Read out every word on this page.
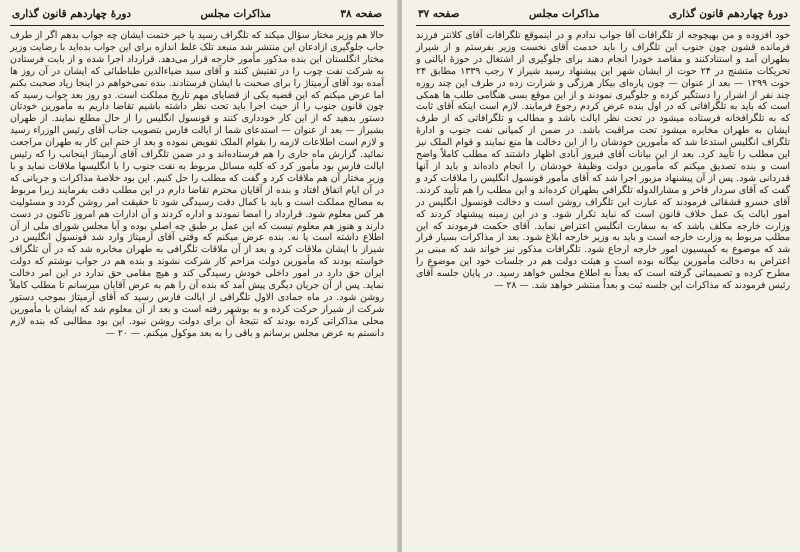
صفحه ۳۸
مذاکرات مجلس
دورهٔ چهاردهم قانون گذاری

حالا هم وزیر مختار سؤال میکند که تلگراف رسید یا خیر ختمت ایشان چه جواب بدهم اگر از طرف جاب جلوگیری ازادعان این منتشر شد منبعد تلک غلط اندازه برای این جواب بده‌اید با رضایت وزیر مختار انگلستان این بنده مذکور مأمور خارجه قرار می‌دهد. قرارداد اجرا شده و از بابت فرستادن به شرکت نفت چوب را در تفتیش کنند و آقای سید ضیاءالدین طباطبائی که ایشان در آن روز ها آمده بود آقای آرمیتاژ را برای صحبت با ایشان فرستادند. بنده نمی‌خواهم در اینجا زیاد صحبت بکنم اما عرض میکنم که این قضیه یکی از قضایای مهم تاریخ مملکت است. دو روز بعد جواب رسید که چون قانون جنوب را از حیث اجرا باید تحت نظر داشته باشیم تقاضا داریم به مأمورین خودتان دستور بدهید که از این کار خودداری کنند و قونسول انگلیس را از حال مطلع نمایند. از طهران بشیراز — بعد از عنوان — استدعای شما از ایالت فارس بتصویب جناب آقای رئیس الوزراء رسید و لازم است اطلاعات لازمه را بقوام الملک تفویض نموده و بعد از ختم این کار به طهران مراجعت نمائید. گزارش ماه جاری را هم فرستاده‌اند و در ضمن تلگراف آقای آرمیتاژ اینجانب را که رئیس ایالت فارس بود مأمور کرد که کلیه مسائل مربوط به نفت جنوب را با انگلیسها ملاقات نماید و با وزیر مختار آن هم ملاقات کرد و گفت که مطلب را حل کنیم. این بود خلاصهٔ مذاکرات و جریانی که در آن ایام اتفاق افتاد و بنده از آقایان محترم تقاضا دارم در این مطلب دقت بفرمایند زیرا مربوط به مصالح مملکت است و باید با کمال دقت رسیدگی شود تا حقیقت امر روشن گردد و مسئولیت هر کس معلوم شود. قرارداد را امضا نمودند و اداره کردند و آن ادارات هم امروز تاکنون در دست دارند و هنوز هم معلوم نیست که این عمل بر طبق چه اصلی بوده و آیا مجلس شورای ملی از آن اطلاع داشته است یا نه. بنده عرض میکنم که وقتی آقای آرمیتاژ وارد شد قونسول انگلیس در شیراز با ایشان ملاقات کرد و بعد از آن ملاقات تلگرافی به طهران مخابره شد که در آن تلگراف خواسته بودند که مأمورین دولت مزاحم کار شرکت نشوند و بنده هم در جواب نوشتم که دولت ایران حق دارد در امور داخلی خودش رسیدگی کند و هیچ مقامی حق ندارد در این امر دخالت نماید. پس از آن جریان دیگری پیش آمد که بنده آن را هم به عرض آقایان میرسانم تا مطلب کاملاً روشن شود. در ماه جمادی الاول تلگرافی از ایالت فارس رسید که آقای آرمیتاژ بموجب دستور شرکت از شیراز حرکت کرده و به بوشهر رفته است و بعد از آن معلوم شد که ایشان با مأمورین محلی مذاکراتی کرده بودند که نتیجهٔ آن برای دولت روشن نبود. این بود مطالبی که بنده لازم دانستم به عرض مجلس برسانم و باقی را به بعد موکول میکنم. — ۲۰ —

دورهٔ چهاردهم قانون گذاری
مذاکرات مجلس
صفحه ۳۷

خود افزوده و من بهیچوجه از تلگرافات آقا جواب ندادم و در اینموقع تلگرافات آقای کلانتر فرزند فرمانده قشون چون جنوب این تلگراف را باید خدمت آقای نخست وزیر بفرستم و از شیراز بطهران آمد و استنادکنند و مقاصد خودرا انجام دهند برای جلوگیری از اشتغال در حوزهٔ ایالتی و تحریکات متشنج در ۲۴ حوت از ایشان شهر این پیشنهاد رسید شیراز ۷ رجب ۱۳۳۹ مطابق ۲۴ حوت ۱۲۹۹ — بعد از عنوان — چون پاره‌ای بیکار هرزگی و شرارت زده در طرف این چند روزه چند نفر از اشرار را دستگیر کرده و جلوگیری نمودند و از این موقع بسی هنگامی طلب ها همکی است که باید به تلگرافاتی که در اول بنده عرض کردم رجوع فرمایند. لازم است اینکه آقای ثابت که به تلگرافخانه فرستاده میشود در تحت نظر ایالت باشد و مطالب و تلگرافاتی که از طرف ایشان به طهران مخابره میشود تحت مراقبت باشد. در ضمن از کمپانی نفت جنوب و ادارهٔ تلگراف انگلیس استدعا شد که مأمورین خودشان را از این دخالت ها منع نمایند و قوام الملک نیز این مطلب را تأیید کرد. بعد از این بیانات آقای فیروز آبادی اظهار داشتند که مطلب کاملاً واضح است و بنده تصدیق میکنم که مأمورین دولت وظیفهٔ خودشان را انجام داده‌اند و باید از آنها قدردانی شود. پس از آن پیشنهاد مزبور اجرا شد که آقای مأمور قونسول انگلیس را ملاقات کرد و گفت که آقای سردار فاخر و مشارالدوله تلگرافی بطهران کرده‌اند و این مطلب را هم تأیید کردند. آقای خسرو قشقائی فرمودند که عبارت این تلگراف روشن است و دخالت قونسول انگلیس در امور ایالت یک عمل خلاف قانون است که نباید تکرار شود. و در این زمینه پیشنهاد کردند که وزارت خارجه مکلف باشد که به سفارت انگلیس اعتراض نماید. آقای حکمت فرمودند که این مطلب مربوط به وزارت خارجه است و باید به وزیر خارجه ابلاغ شود. بعد از مذاکرات بسیار قرار شد که موضوع به کمیسیون امور خارجه ارجاع شود. تلگرافات مذکور نیز خواند شد که مبنی بر اعتراض به دخالت مأمورین بیگانه بوده است و هیئت دولت هم در جلسات خود این موضوع را مطرح کرده و تصمیماتی گرفته است که بعداً به اطلاع مجلس خواهد رسید. در پایان جلسه آقای رئیس فرمودند که مذاکرات این جلسه ثبت و بعداً منتشر خواهد شد. — ۲۸ —
